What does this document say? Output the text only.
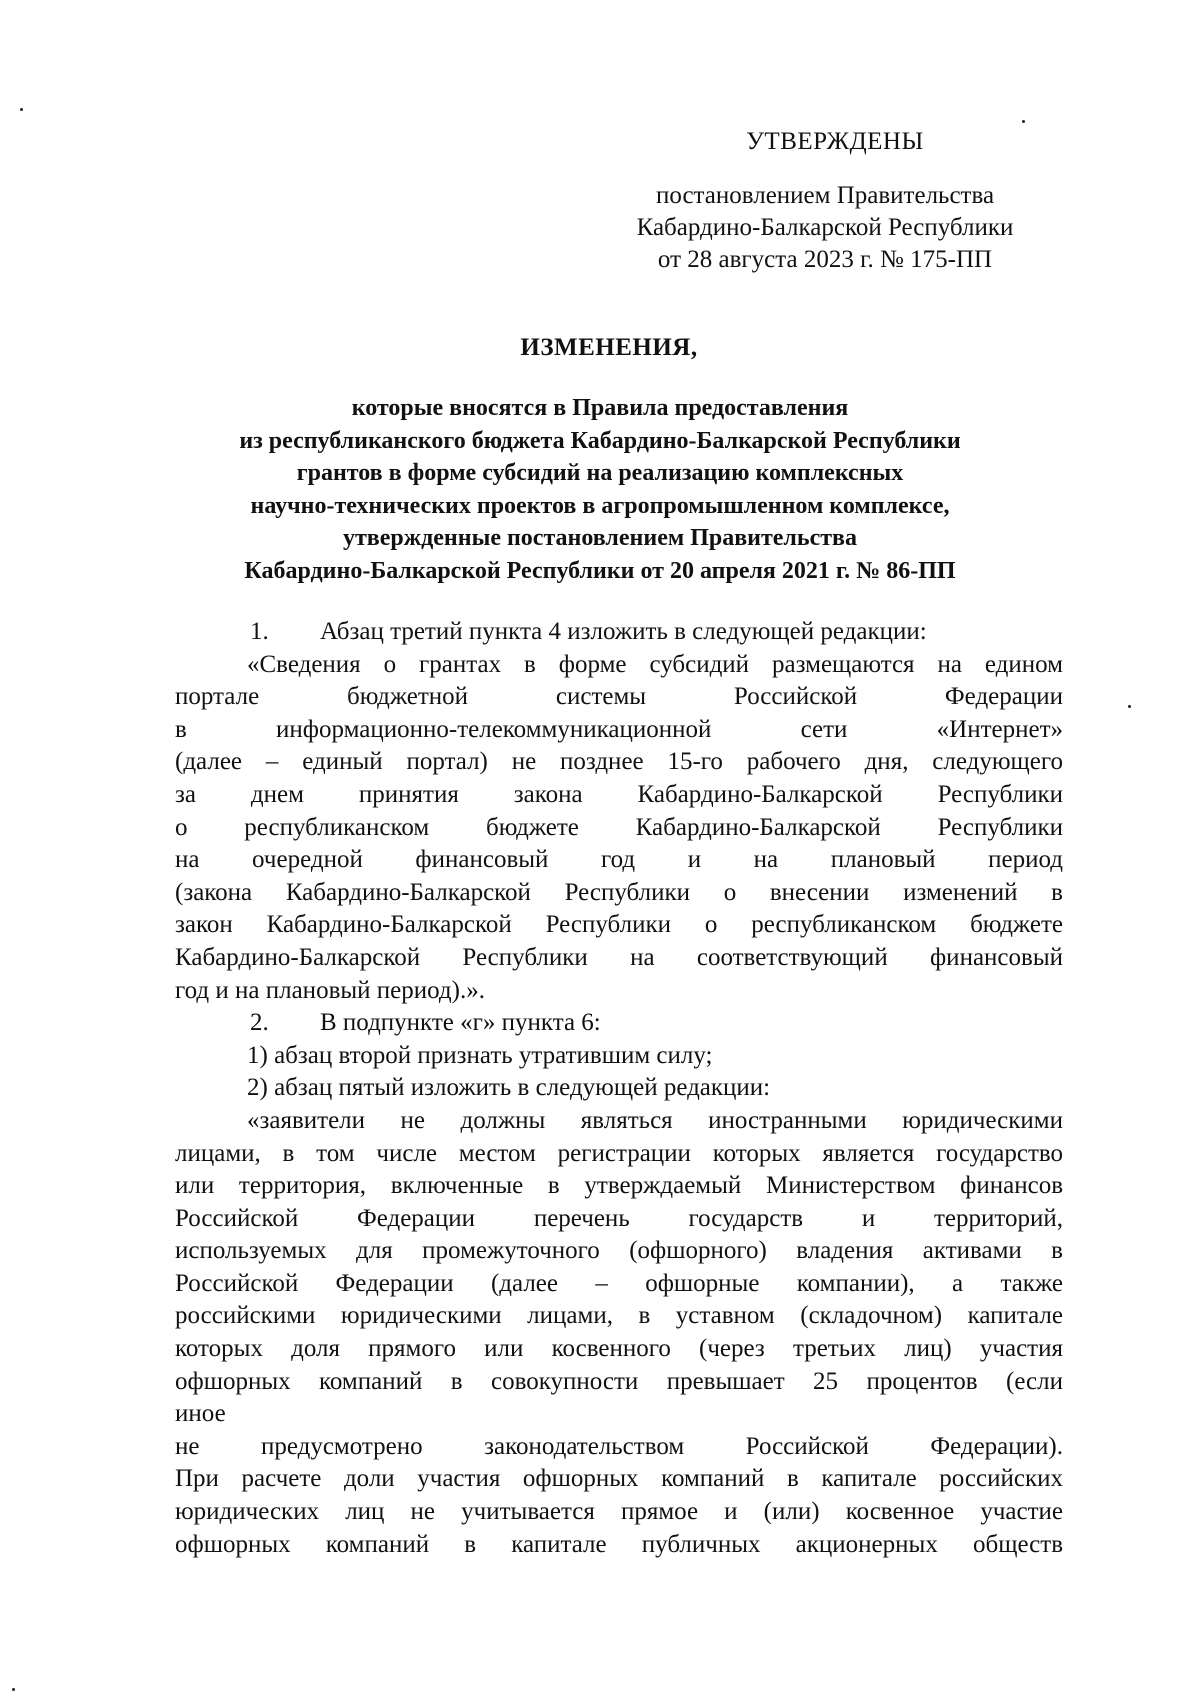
УТВЕРЖДЕНЫ
постановлением Правительства
Кабардино-Балкарской Республики
от 28 августа 2023 г. № 175-ПП
ИЗМЕНЕНИЯ,
которые вносятся в Правила предоставления
из республиканского бюджета Кабардино-Балкарской Республики
грантов в форме субсидий на реализацию комплексных
научно-технических проектов в агропромышленном комплексе,
утвержденные постановлением Правительства
Кабардино-Балкарской Республики от 20 апреля 2021 г. № 86-ПП
1. Абзац третий пункта 4 изложить в следующей редакции:
«Сведения о грантах в форме субсидий размещаются на едином
портале бюджетной системы Российской Федерации
в информационно-телекоммуникационной сети «Интернет»
(далее – единый портал) не позднее 15-го рабочего дня, следующего
за днем принятия закона Кабардино-Балкарской Республики
о республиканском бюджете Кабардино-Балкарской Республики
на очередной финансовый год и на плановый период
(закона Кабардино-Балкарской Республики о внесении изменений в
закон Кабардино-Балкарской Республики о республиканском бюджете
Кабардино-Балкарской Республики на соответствующий финансовый
год и на плановый период).».
2. В подпункте «г» пункта 6:
1) абзац второй признать утратившим силу;
2) абзац пятый изложить в следующей редакции:
«заявители не должны являться иностранными юридическими
лицами, в том числе местом регистрации которых является государство
или территория, включенные в утверждаемый Министерством финансов
Российской Федерации перечень государств и территорий,
используемых для промежуточного (офшорного) владения активами в
Российской Федерации (далее – офшорные компании), а также
российскими юридическими лицами, в уставном (складочном) капитале
которых доля прямого или косвенного (через третьих лиц) участия
офшорных компаний в совокупности превышает 25 процентов (если
иное
не предусмотрено законодательством Российской Федерации).
При расчете доли участия офшорных компаний в капитале российских
юридических лиц не учитывается прямое и (или) косвенное участие
офшорных компаний в капитале публичных акционерных обществ
